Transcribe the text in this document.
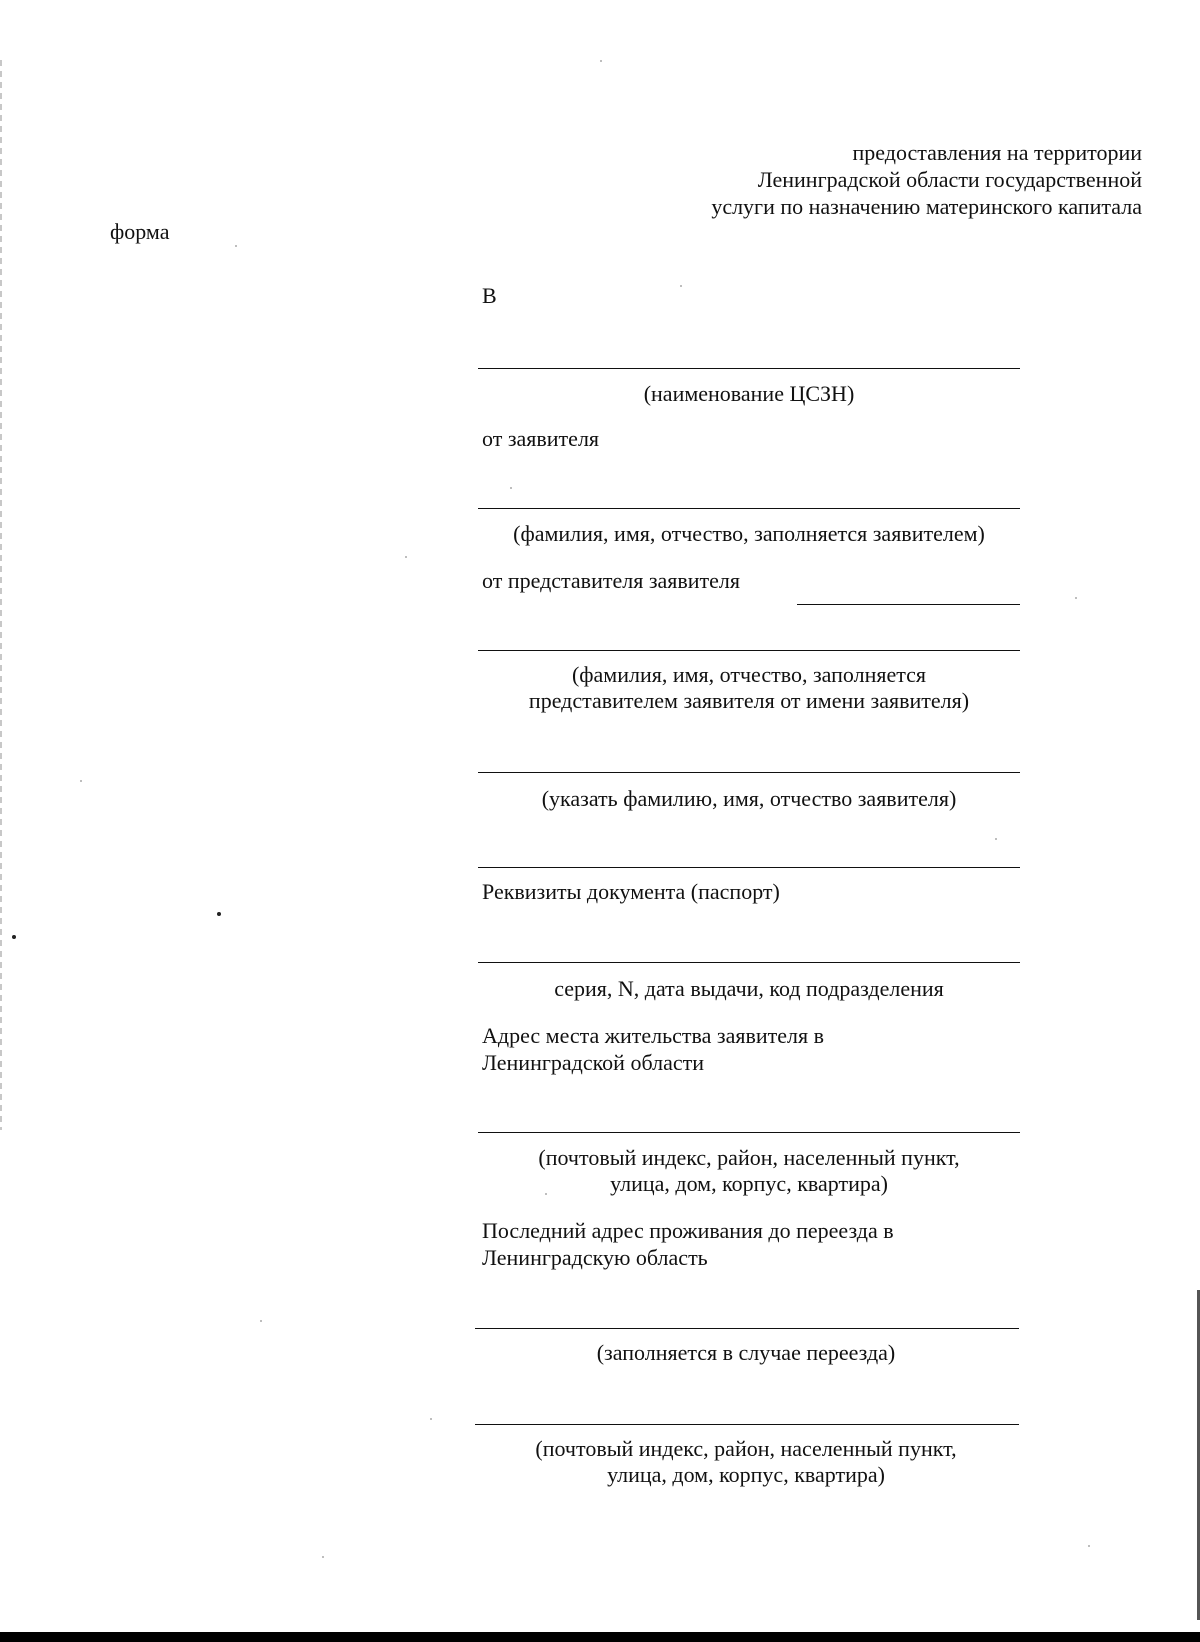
предоставления на территории
Ленинградской области государственной
услуги по назначению материнского капитала
форма
В
(наименование ЦСЗН)
от заявителя
(фамилия, имя, отчество, заполняется заявителем)
от представителя заявителя
(фамилия, имя, отчество, заполняется
представителем заявителя от имени заявителя)
(указать фамилию, имя, отчество заявителя)
Реквизиты документа (паспорт)
серия, N, дата выдачи, код подразделения
Адрес места жительства заявителя в
Ленинградской области
(почтовый индекс, район, населенный пункт,
улица, дом, корпус, квартира)
Последний адрес проживания до переезда в
Ленинградскую область
(заполняется в случае переезда)
(почтовый индекс, район, населенный пункт,
улица, дом, корпус, квартира)
